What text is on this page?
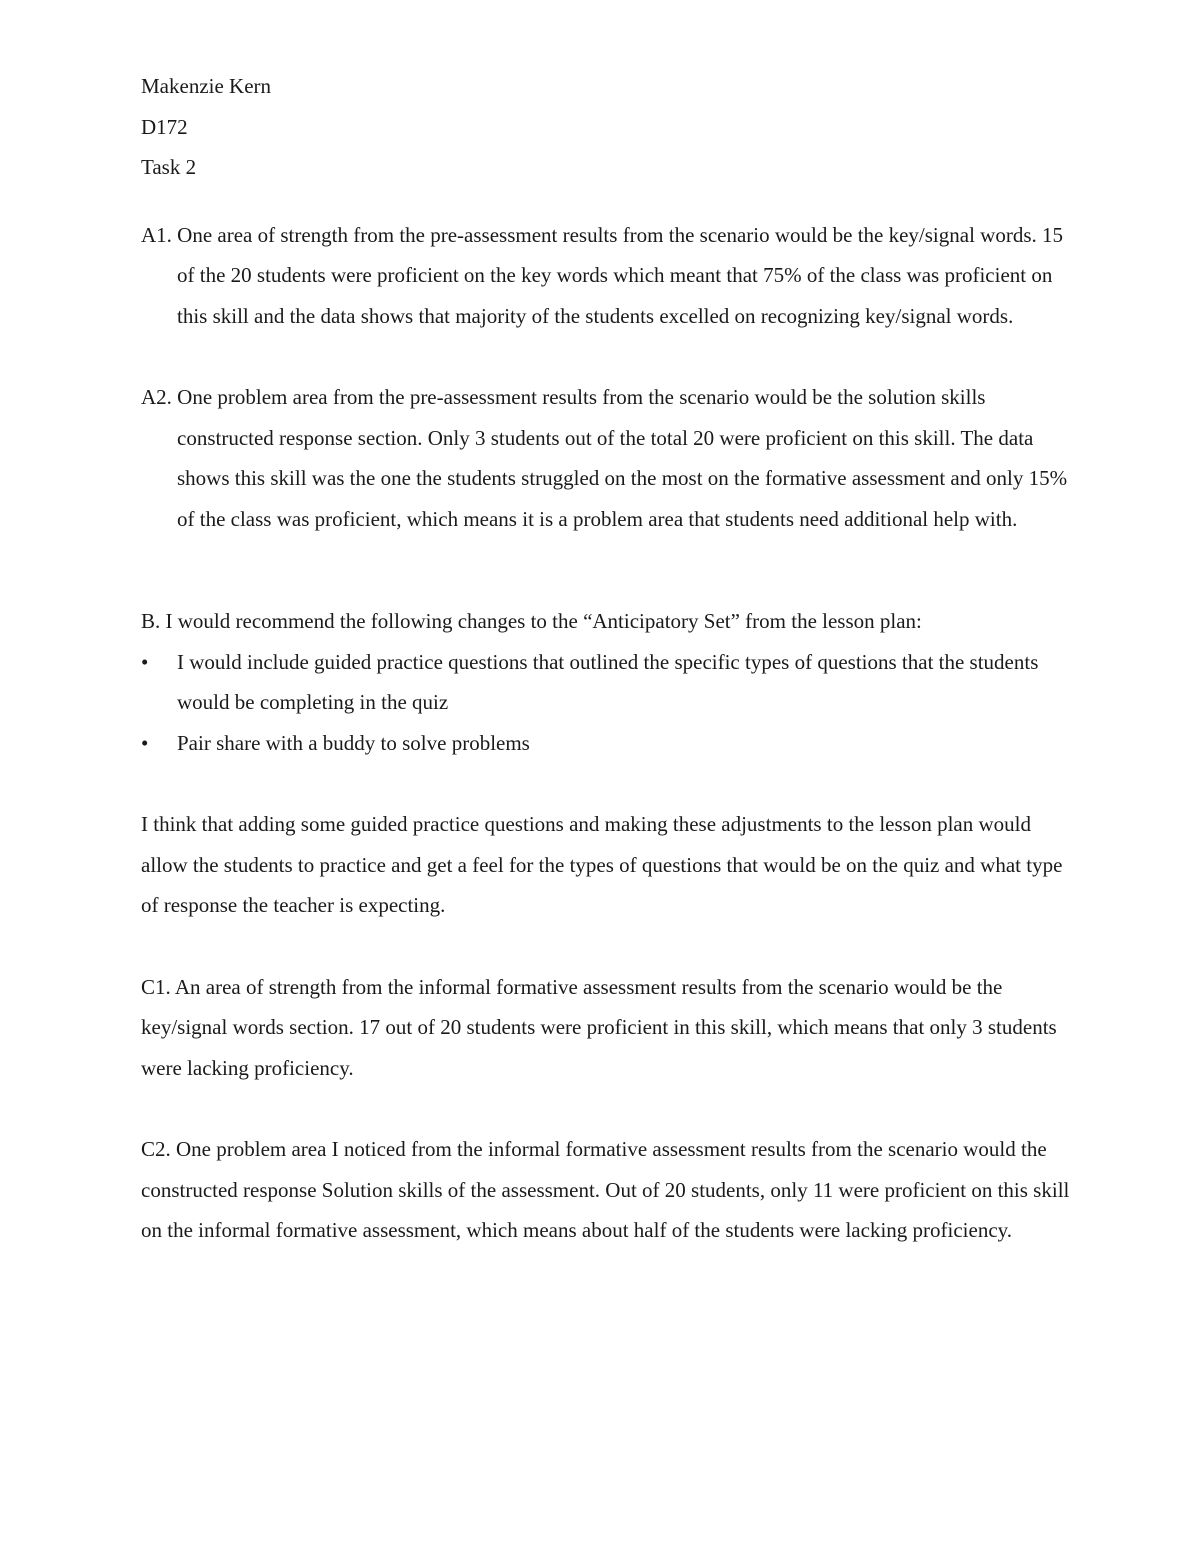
Makenzie Kern

D172

Task 2

A1. One area of strength from the pre-assessment results from the scenario would be the key/signal words. 15 of the 20 students were proficient on the key words which meant that 75% of the class was proficient on this skill and the data shows that majority of the students excelled on recognizing key/signal words.

A2. One problem area from the pre-assessment results from the scenario would be the solution skills constructed response section. Only 3 students out of the total 20 were proficient on this skill. The data shows this skill was the one the students struggled on the most on the formative assessment and only 15% of the class was proficient, which means it is a problem area that students need additional help with.

B. I would recommend the following changes to the “Anticipatory Set” from the lesson plan:

• I would include guided practice questions that outlined the specific types of questions that the students would be completing in the quiz
• Pair share with a buddy to solve problems

I think that adding some guided practice questions and making these adjustments to the lesson plan would allow the students to practice and get a feel for the types of questions that would be on the quiz and what type of response the teacher is expecting.

C1. An area of strength from the informal formative assessment results from the scenario would be the key/signal words section. 17 out of 20 students were proficient in this skill, which means that only 3 students were lacking proficiency.

C2. One problem area I noticed from the informal formative assessment results from the scenario would the constructed response Solution skills of the assessment. Out of 20 students, only 11 were proficient on this skill on the informal formative assessment, which means about half of the students were lacking proficiency.
